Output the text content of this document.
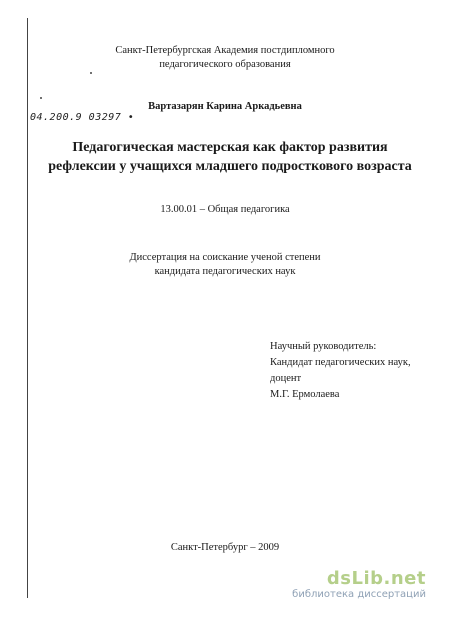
Санкт-Петербургская Академия постдипломного
педагогического образования
Вартазарян Карина Аркадьевна
04.200.9 03297 •
Педагогическая мастерская как фактор развития
рефлексии у учащихся младшего подросткового возраста
13.00.01 – Общая педагогика
Диссертация на соискание ученой степени
кандидата педагогических наук
Научный руководитель:
Кандидат педагогических наук,
доцент
М.Г. Ермолаева
Санкт-Петербург – 2009
dsLib.net
библиотека диссертаций
